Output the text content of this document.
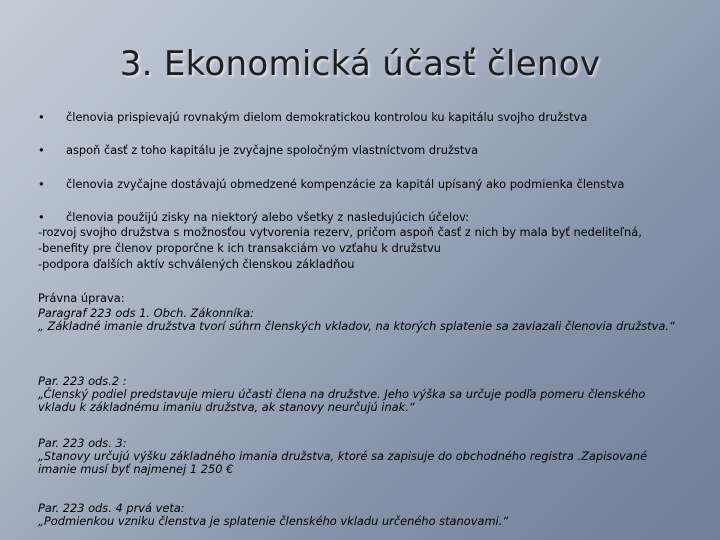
3. Ekonomická účasť členov
• členovia prispievajú rovnakým dielom demokratickou kontrolou ku kapitálu svojho družstva
• aspoň časť z toho kapitálu je zvyčajne spoločným vlastníctvom družstva
• členovia zvyčajne dostávajú obmedzené kompenzácie za kapitál upísaný ako podmienka členstva
• členovia použijú zisky na niektorý alebo všetky z nasledujúcich účelov:
-rozvoj svojho družstva s možnosťou vytvorenia rezerv, pričom aspoň časť z nich by mala byť nedeliteľná,
-benefity pre členov proporčne k ich transakciám vo vzťahu k družstvu
-podpora ďalších aktív schválených členskou základňou
Právna úprava:
Paragraf 223 ods 1. Obch. Zákonníka:
„ Základné imanie družstva tvorí súhrn členských vkladov, na ktorých splatenie sa zaviazali členovia družstva.“
Par. 223 ods.2 :
„Členský podiel predstavuje mieru účasti člena na družstve. Jeho výška sa určuje podľa pomeru členského vkladu k základnému imaniu družstva, ak stanovy neurčujú inak.“
Par. 223 ods. 3:
„Stanovy určujú výšku základného imania družstva, ktoré sa zapisuje do obchodného registra .Zapisované imanie musí byť najmenej 1 250 €
Par. 223 ods. 4 prvá veta:
„Podmienkou vzniku členstva je splatenie členského vkladu určeného stanovami.“
